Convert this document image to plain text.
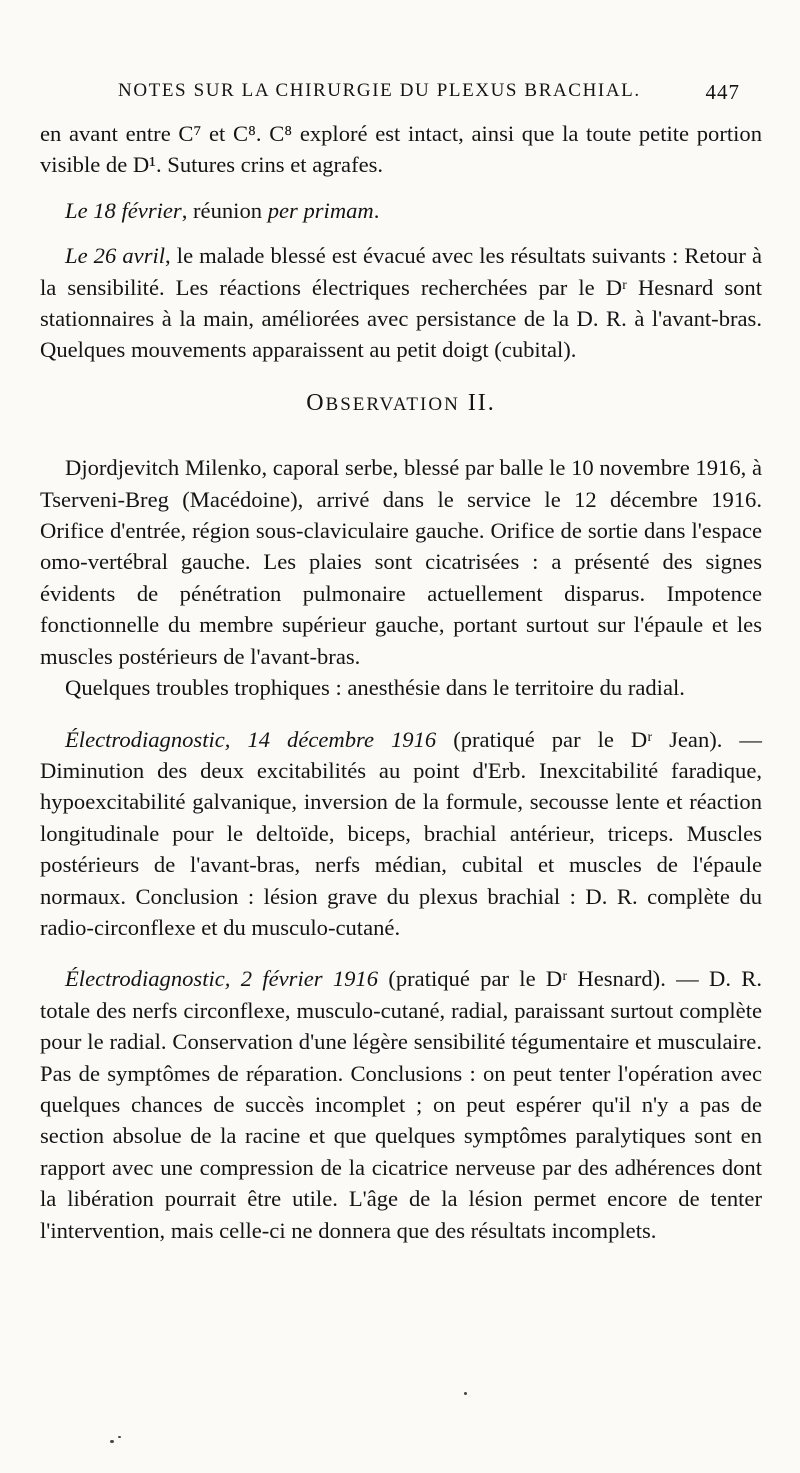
NOTES SUR LA CHIRURGIE DU PLEXUS BRACHIAL.	447

en avant entre C⁷ et C⁸. C⁸ exploré est intact, ainsi que la toute petite portion visible de D¹. Sutures crins et agrafes.

Le 18 février, réunion per primam.

Le 26 avril, le malade blessé est évacué avec les résultats suivants : Retour à la sensibilité. Les réactions électriques recherchées par le Dʳ Hesnard sont stationnaires à la main, améliorées avec persistance de la D. R. à l'avant-bras. Quelques mouvements apparaissent au petit doigt (cubital).

OBSERVATION II.

Djordjevitch Milenko, caporal serbe, blessé par balle le 10 novembre 1916, à Tserveni-Breg (Macédoine), arrivé dans le service le 12 décembre 1916. Orifice d'entrée, région sous-claviculaire gauche. Orifice de sortie dans l'espace omo-vertébral gauche. Les plaies sont cicatrisées : a présenté des signes évidents de pénétration pulmonaire actuellement disparus. Impotence fonctionnelle du membre supérieur gauche, portant surtout sur l'épaule et les muscles postérieurs de l'avant-bras.

Quelques troubles trophiques : anesthésie dans le territoire du radial.

Électrodiagnostic, 14 décembre 1916 (pratiqué par le Dʳ Jean). — Diminution des deux excitabilités au point d'Erb. Inexcitabilité faradique, hypoexcitabilité galvanique, inversion de la formule, secousse lente et réaction longitudinale pour le deltoïde, biceps, brachial antérieur, triceps. Muscles postérieurs de l'avant-bras, nerfs médian, cubital et muscles de l'épaule normaux. Conclusion : lésion grave du plexus brachial : D. R. complète du radio-circonflexe et du musculo-cutané.

Électrodiagnostic, 2 février 1916 (pratiqué par le Dʳ Hesnard). — D. R. totale des nerfs circonflexe, musculo-cutané, radial, paraissant surtout complète pour le radial. Conservation d'une légère sensibilité tégumentaire et musculaire. Pas de symptômes de réparation. Conclusions : on peut tenter l'opération avec quelques chances de succès incomplet ; on peut espérer qu'il n'y a pas de section absolue de la racine et que quelques symptômes paralytiques sont en rapport avec une compression de la cicatrice nerveuse par des adhérences dont la libération pourrait être utile. L'âge de la lésion permet encore de tenter l'intervention, mais celle-ci ne donnera que des résultats incomplets.
